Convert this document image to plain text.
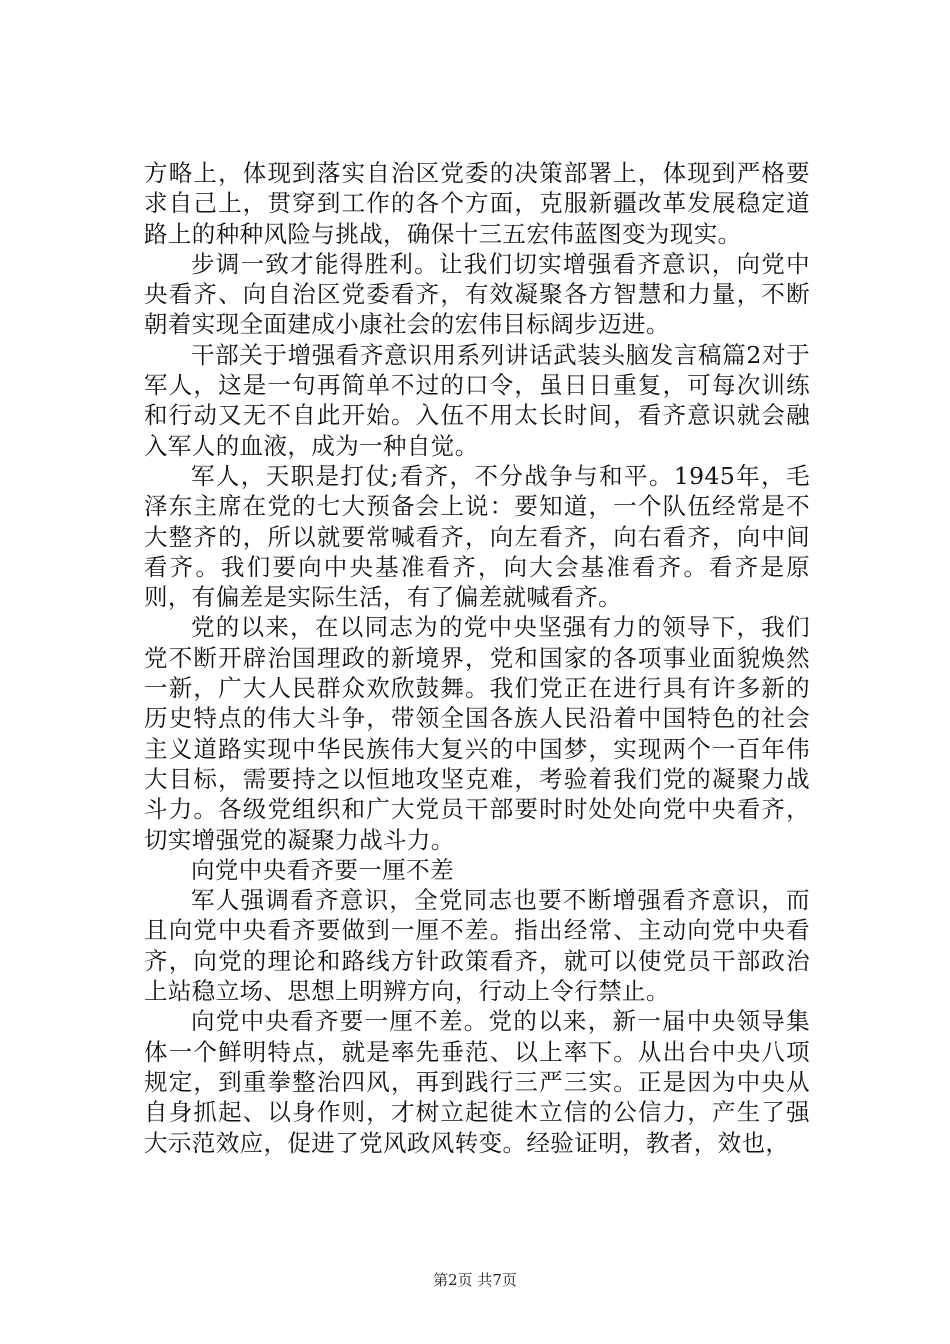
方略上，体现到落实自治区党委的决策部署上，体现到严格要求自己上，贯穿到工作的各个方面，克服新疆改革发展稳定道路上的种种风险与挑战，确保十三五宏伟蓝图变为现实。

步调一致才能得胜利。让我们切实增强看齐意识，向党中央看齐、向自治区党委看齐，有效凝聚各方智慧和力量，不断朝着实现全面建成小康社会的宏伟目标阔步迈进。

干部关于增强看齐意识用系列讲话武装头脑发言稿篇2对于军人，这是一句再简单不过的口令，虽日日重复，可每次训练和行动又无不自此开始。入伍不用太长时间，看齐意识就会融入军人的血液，成为一种自觉。

军人，天职是打仗;看齐，不分战争与和平。1945年，毛泽东主席在党的七大预备会上说：要知道，一个队伍经常是不大整齐的，所以就要常喊看齐，向左看齐，向右看齐，向中间看齐。我们要向中央基准看齐，向大会基准看齐。看齐是原则，有偏差是实际生活，有了偏差就喊看齐。

党的以来，在以同志为的党中央坚强有力的领导下，我们党不断开辟治国理政的新境界，党和国家的各项事业面貌焕然一新，广大人民群众欢欣鼓舞。我们党正在进行具有许多新的历史特点的伟大斗争，带领全国各族人民沿着中国特色的社会主义道路实现中华民族伟大复兴的中国梦，实现两个一百年伟大目标，需要持之以恒地攻坚克难，考验着我们党的凝聚力战斗力。各级党组织和广大党员干部要时时处处向党中央看齐，切实增强党的凝聚力战斗力。

向党中央看齐要一厘不差

军人强调看齐意识，全党同志也要不断增强看齐意识，而且向党中央看齐要做到一厘不差。指出经常、主动向党中央看齐，向党的理论和路线方针政策看齐，就可以使党员干部政治上站稳立场、思想上明辨方向，行动上令行禁止。

向党中央看齐要一厘不差。党的以来，新一届中央领导集体一个鲜明特点，就是率先垂范、以上率下。从出台中央八项规定，到重拳整治四风，再到践行三严三实。正是因为中央从自身抓起、以身作则，才树立起徙木立信的公信力，产生了强大示范效应，促进了党风政风转变。经验证明，教者，效也，

第2页 共7页
